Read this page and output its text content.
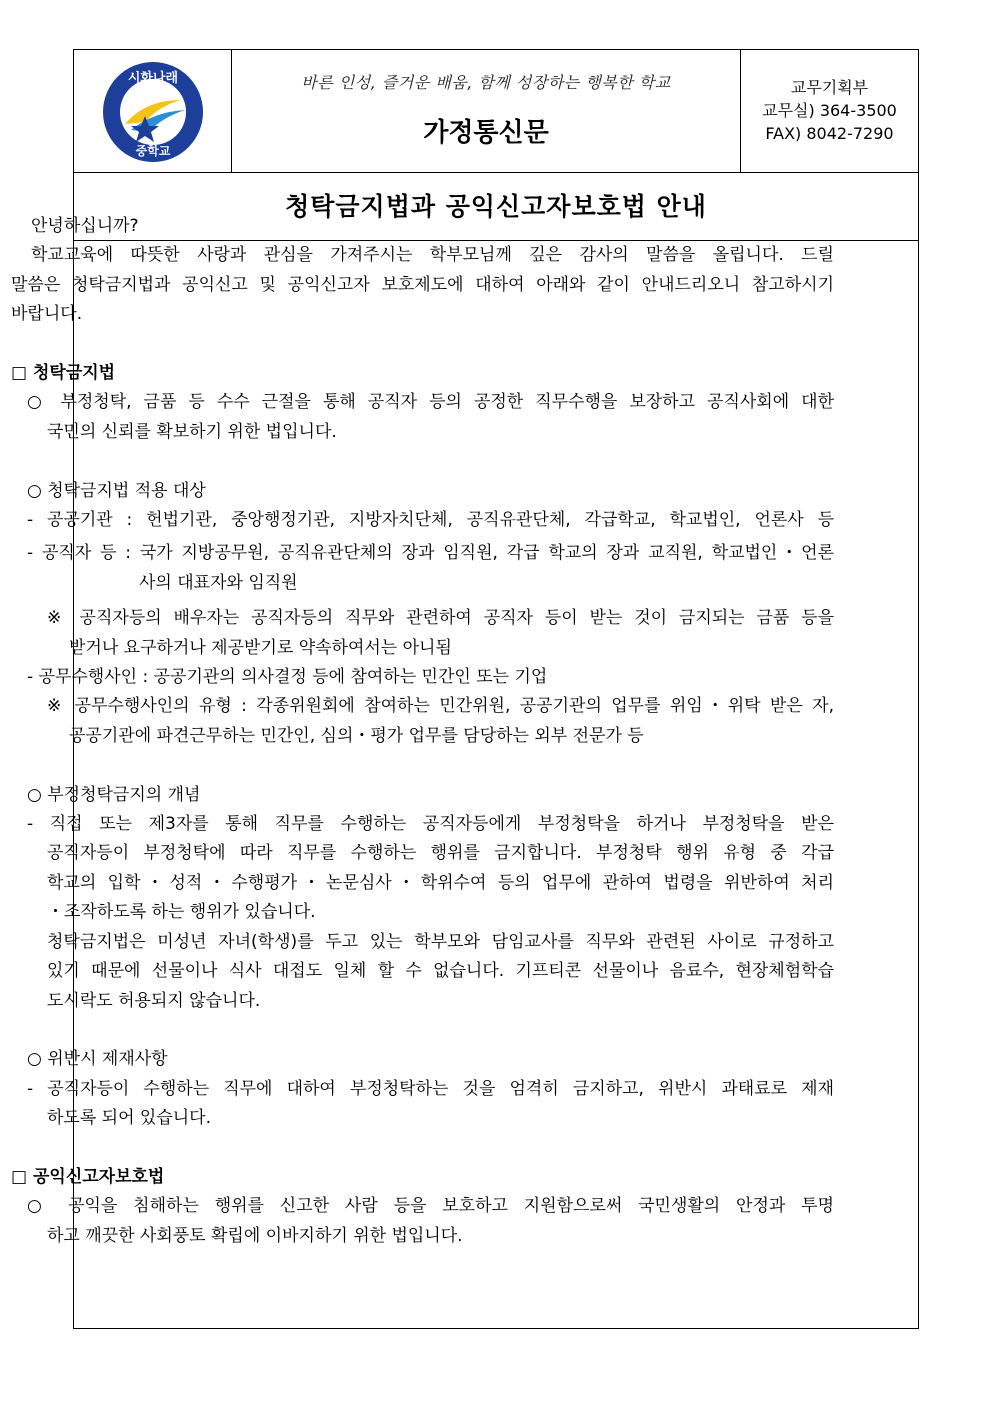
시화나래
중학교
바른 인성, 즐거운 배움, 함께 성장하는 행복한 학교
가정통신문
교무기획부
교무실) 364-3500
FAX) 8042-7290
청탁금지법과 공익신고자보호법 안내

안녕하십니까?

학교교육에 따뜻한 사랑과 관심을 가져주시는 학부모님께 깊은 감사의 말씀을 올립니다. 드릴

말씀은 청탁금지법과 공익신고 및 공익신고자 보호제도에 대하여 아래와 같이 안내드리오니 참고하시기

바랍니다.

□ 청탁금지법

○ 부정청탁, 금품 등 수수 근절을 통해 공직자 등의 공정한 직무수행을 보장하고 공직사회에 대한

국민의 신뢰를 확보하기 위한 법입니다.

○ 청탁금지법 적용 대상

- 공공기관 : 헌법기관, 중앙행정기관, 지방자치단체, 공직유관단체, 각급학교, 학교법인, 언론사 등

- 공직자 등 : 국가 지방공무원, 공직유관단체의 장과 임직원, 각급 학교의 장과 교직원, 학교법인・언론

사의 대표자와 임직원

※ 공직자등의 배우자는 공직자등의 직무와 관련하여 공직자 등이 받는 것이 금지되는 금품 등을

받거나 요구하거나 제공받기로 약속하여서는 아니됨

- 공무수행사인 : 공공기관의 의사결정 등에 참여하는 민간인 또는 기업

※ 공무수행사인의 유형 : 각종위원회에 참여하는 민간위원, 공공기관의 업무를 위임・위탁 받은 자,

공공기관에 파견근무하는 민간인, 심의・평가 업무를 담당하는 외부 전문가 등

○ 부정청탁금지의 개념

- 직접 또는 제3자를 통해 직무를 수행하는 공직자등에게 부정청탁을 하거나 부정청탁을 받은

공직자등이 부정청탁에 따라 직무를 수행하는 행위를 금지합니다. 부정청탁 행위 유형 중 각급

학교의 입학・성적・수행평가・논문심사・학위수여 등의 업무에 관하여 법령을 위반하여 처리

・조작하도록 하는 행위가 있습니다.

청탁금지법은 미성년 자녀(학생)를 두고 있는 학부모와 담임교사를 직무와 관련된 사이로 규정하고

있기 때문에 선물이나 식사 대접도 일체 할 수 없습니다. 기프티콘 선물이나 음료수, 현장체험학습

도시락도 허용되지 않습니다.

○ 위반시 제재사항

- 공직자등이 수행하는 직무에 대하여 부정청탁하는 것을 엄격히 금지하고, 위반시 과태료로 제재

하도록 되어 있습니다.

□ 공익신고자보호법

○ 공익을 침해하는 행위를 신고한 사람 등을 보호하고 지원함으로써 국민생활의 안정과 투명

하고 깨끗한 사회풍토 확립에 이바지하기 위한 법입니다.
